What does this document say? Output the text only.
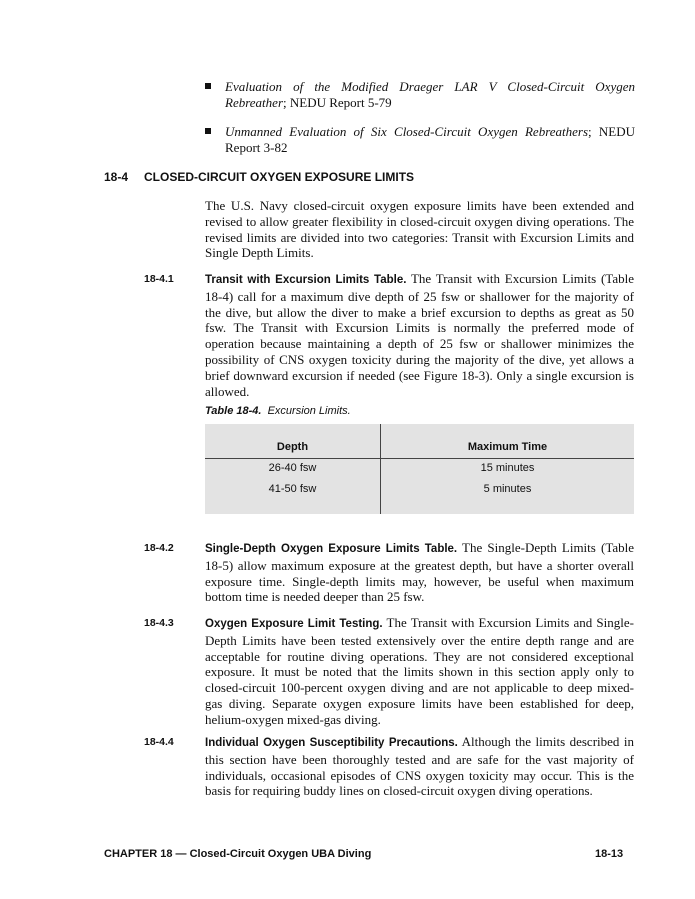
Evaluation of the Modified Draeger LAR V Closed-Circuit Oxygen Rebreather; NEDU Report 5-79
Unmanned Evaluation of Six Closed-Circuit Oxygen Rebreathers; NEDU Report 3-82
18-4 CLOSED-CIRCUIT OXYGEN EXPOSURE LIMITS
The U.S. Navy closed-circuit oxygen exposure limits have been extended and revised to allow greater flexibility in closed-circuit oxygen diving operations. The revised limits are divided into two categories: Transit with Excursion Limits and Single Depth Limits.
18-4.1	Transit with Excursion Limits Table. The Transit with Excursion Limits (Table 18-4) call for a maximum dive depth of 25 fsw or shallower for the majority of the dive, but allow the diver to make a brief excursion to depths as great as 50 fsw. The Transit with Excursion Limits is normally the preferred mode of operation because maintaining a depth of 25 fsw or shallower minimizes the possibility of CNS oxygen toxicity during the majority of the dive, yet allows a brief downward excursion if needed (see Figure 18-3). Only a single excursion is allowed.
Table 18-4. Excursion Limits.
Depth	Maximum Time
26-40 fsw	15 minutes
41-50 fsw	5 minutes
18-4.2	Single-Depth Oxygen Exposure Limits Table. The Single-Depth Limits (Table 18-5) allow maximum exposure at the greatest depth, but have a shorter overall exposure time. Single-depth limits may, however, be useful when maximum bottom time is needed deeper than 25 fsw.
18-4.3	Oxygen Exposure Limit Testing. The Transit with Excursion Limits and Single-Depth Limits have been tested extensively over the entire depth range and are acceptable for routine diving operations. They are not considered exceptional exposure. It must be noted that the limits shown in this section apply only to closed-circuit 100-percent oxygen diving and are not applicable to deep mixed-gas diving. Separate oxygen exposure limits have been established for deep, helium-oxygen mixed-gas diving.
18-4.4	Individual Oxygen Susceptibility Precautions. Although the limits described in this section have been thoroughly tested and are safe for the vast majority of individuals, occasional episodes of CNS oxygen toxicity may occur. This is the basis for requiring buddy lines on closed-circuit oxygen diving operations.
CHAPTER 18 — Closed-Circuit Oxygen UBA Diving	18-13
